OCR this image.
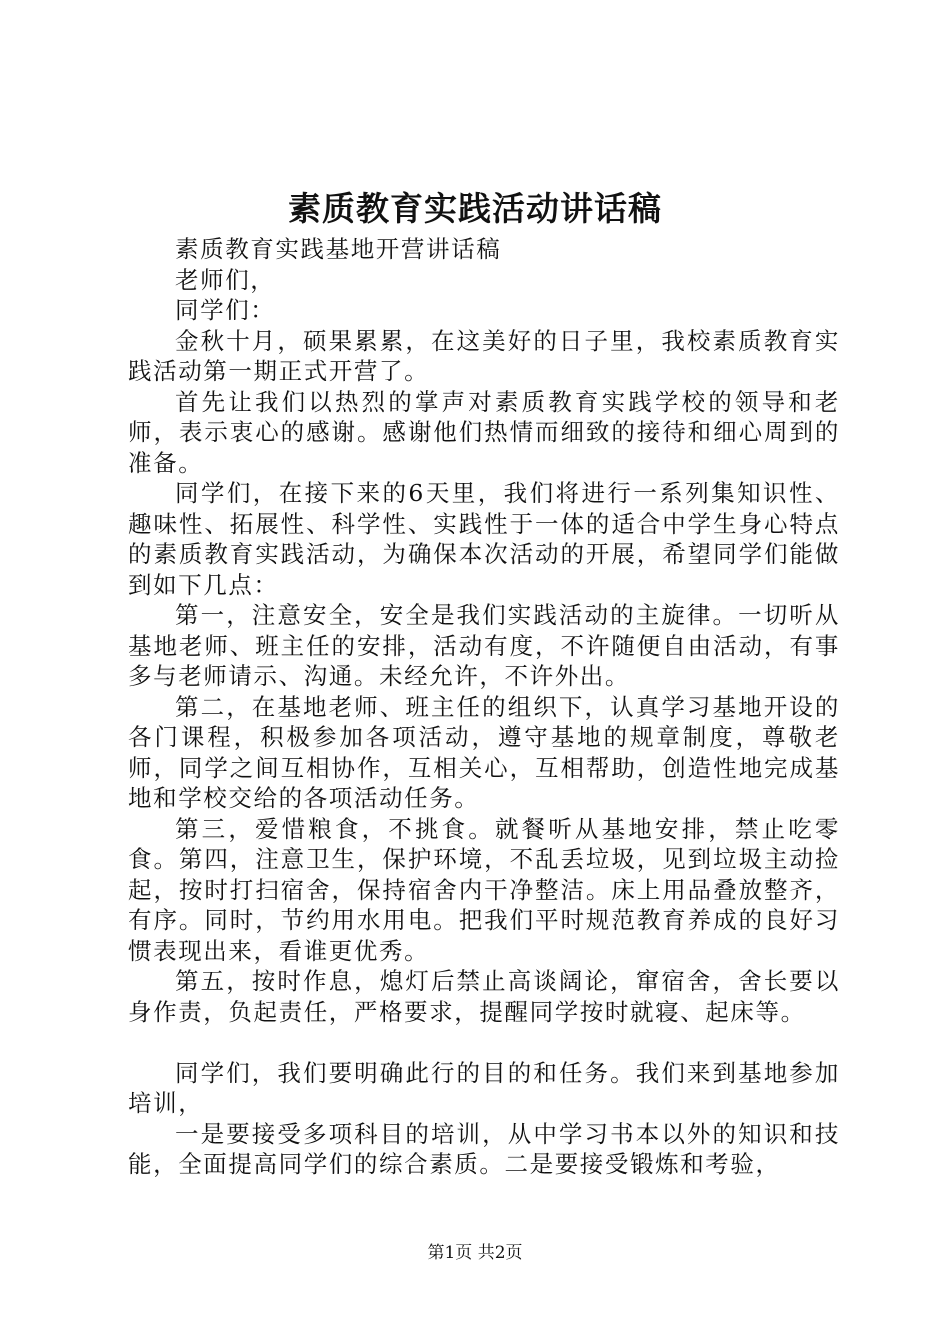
素质教育实践活动讲话稿

素质教育实践基地开营讲话稿

老师们，

同学们：

金秋十月，硕果累累，在这美好的日子里，我校素质教育实践活动第一期正式开营了。

首先让我们以热烈的掌声对素质教育实践学校的领导和老师，表示衷心的感谢。感谢他们热情而细致的接待和细心周到的准备。

同学们，在接下来的6天里，我们将进行一系列集知识性、趣味性、拓展性、科学性、实践性于一体的适合中学生身心特点的素质教育实践活动，为确保本次活动的开展，希望同学们能做到如下几点：

第一，注意安全，安全是我们实践活动的主旋律。一切听从基地老师、班主任的安排，活动有度，不许随便自由活动，有事多与老师请示、沟通。未经允许，不许外出。

第二，在基地老师、班主任的组织下，认真学习基地开设的各门课程，积极参加各项活动，遵守基地的规章制度，尊敬老师，同学之间互相协作，互相关心，互相帮助，创造性地完成基地和学校交给的各项活动任务。

第三，爱惜粮食，不挑食。就餐听从基地安排，禁止吃零食。第四，注意卫生，保护环境，不乱丢垃圾，见到垃圾主动捡起，按时打扫宿舍，保持宿舍内干净整洁。床上用品叠放整齐，有序。同时，节约用水用电。把我们平时规范教育养成的良好习惯表现出来，看谁更优秀。

第五，按时作息，熄灯后禁止高谈阔论，窜宿舍，舍长要以身作责，负起责任，严格要求，提醒同学按时就寝、起床等。

同学们，我们要明确此行的目的和任务。我们来到基地参加培训，

一是要接受多项科目的培训，从中学习书本以外的知识和技能，全面提高同学们的综合素质。二是要接受锻炼和考验，

第1页 共2页
